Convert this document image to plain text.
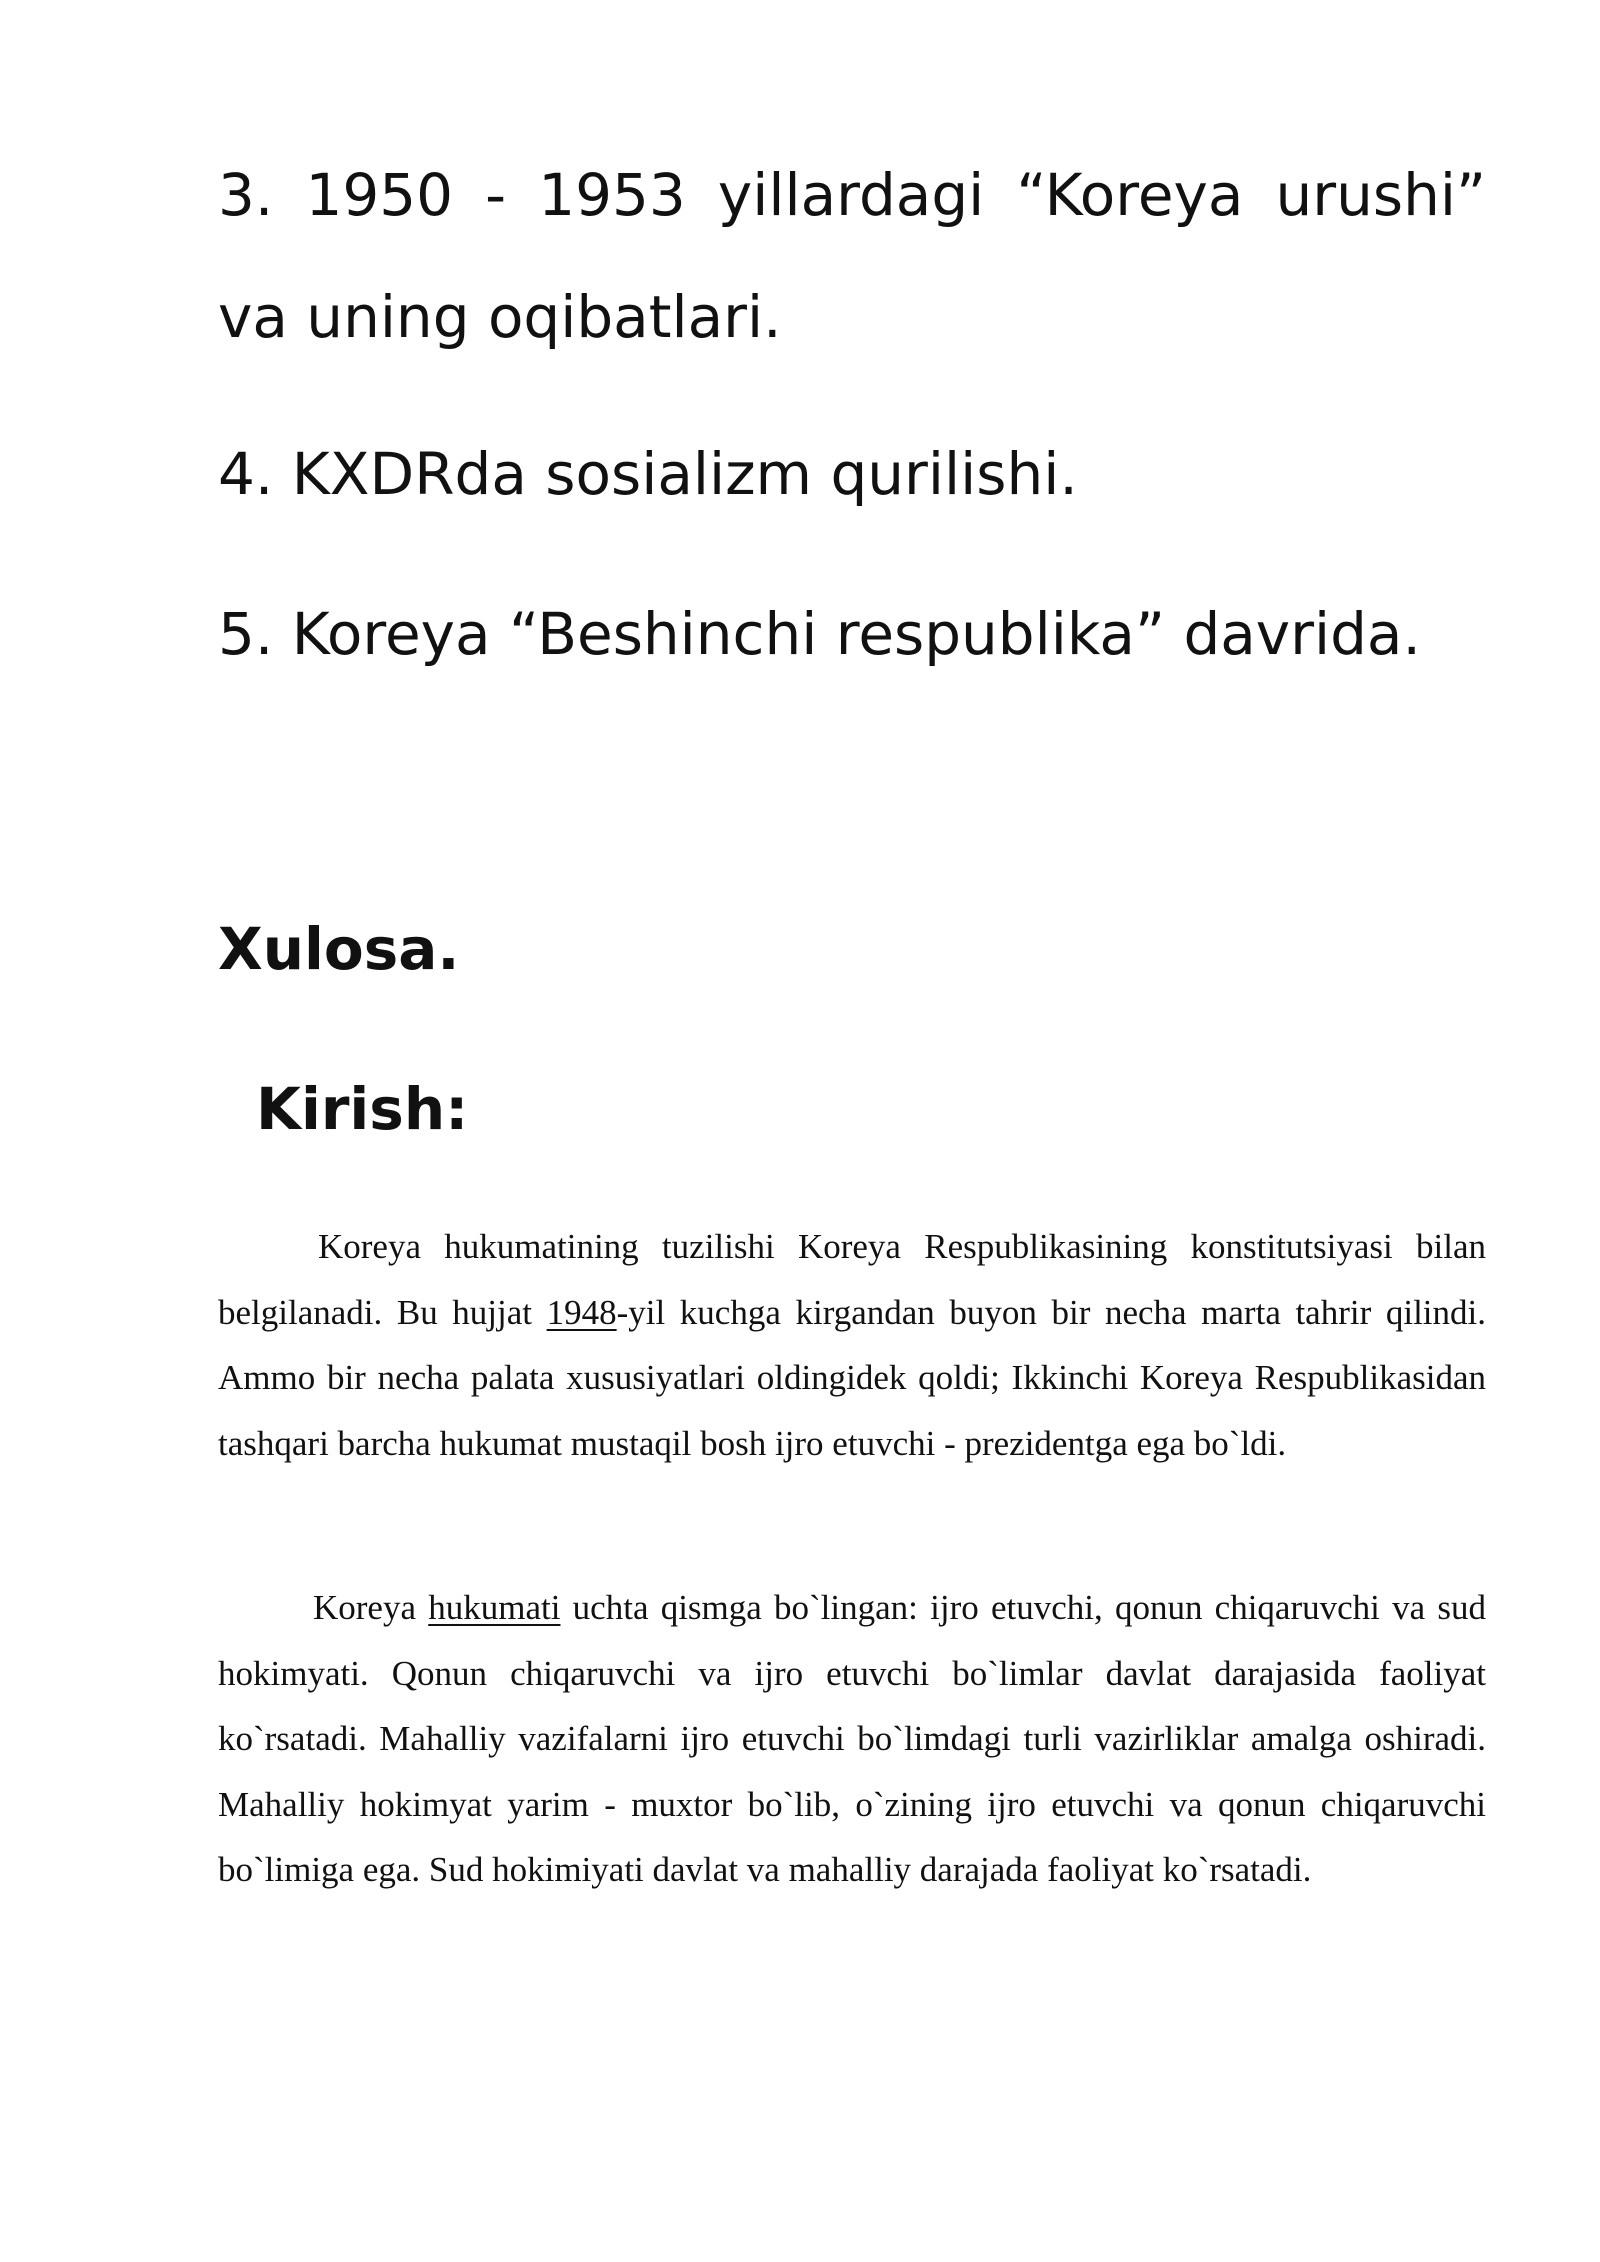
3. 1950 - 1953 yillardagi “Koreya urushi” va uning oqibatlari.

4. KXDRda sosializm qurilishi.

5. Koreya “Beshinchi respublika” davrida.

Xulosa.
Kirish:

Koreya hukumatining tuzilishi Koreya Respublikasining konstitutsiyasi bilan belgilanadi. Bu hujjat 1948-yil kuchga kirgandan buyon bir necha marta tahrir qilindi. Ammo bir necha palata xususiyatlari oldingidek qoldi; Ikkinchi Koreya Respublikasidan tashqari barcha hukumat mustaqil bosh ijro etuvchi - prezidentga ega bo`ldi.

Koreya hukumati uchta qismga bo`lingan: ijro etuvchi, qonun chiqaruvchi va sud hokimyati. Qonun chiqaruvchi va ijro etuvchi bo`limlar davlat darajasida faoliyat ko`rsatadi. Mahalliy vazifalarni ijro etuvchi bo`limdagi turli vazirliklar amalga oshiradi. Mahalliy hokimyat yarim - muxtor bo`lib, o`zining ijro etuvchi va qonun chiqaruvchi bo`limiga ega. Sud hokimiyati davlat va mahalliy darajada faoliyat ko`rsatadi.
